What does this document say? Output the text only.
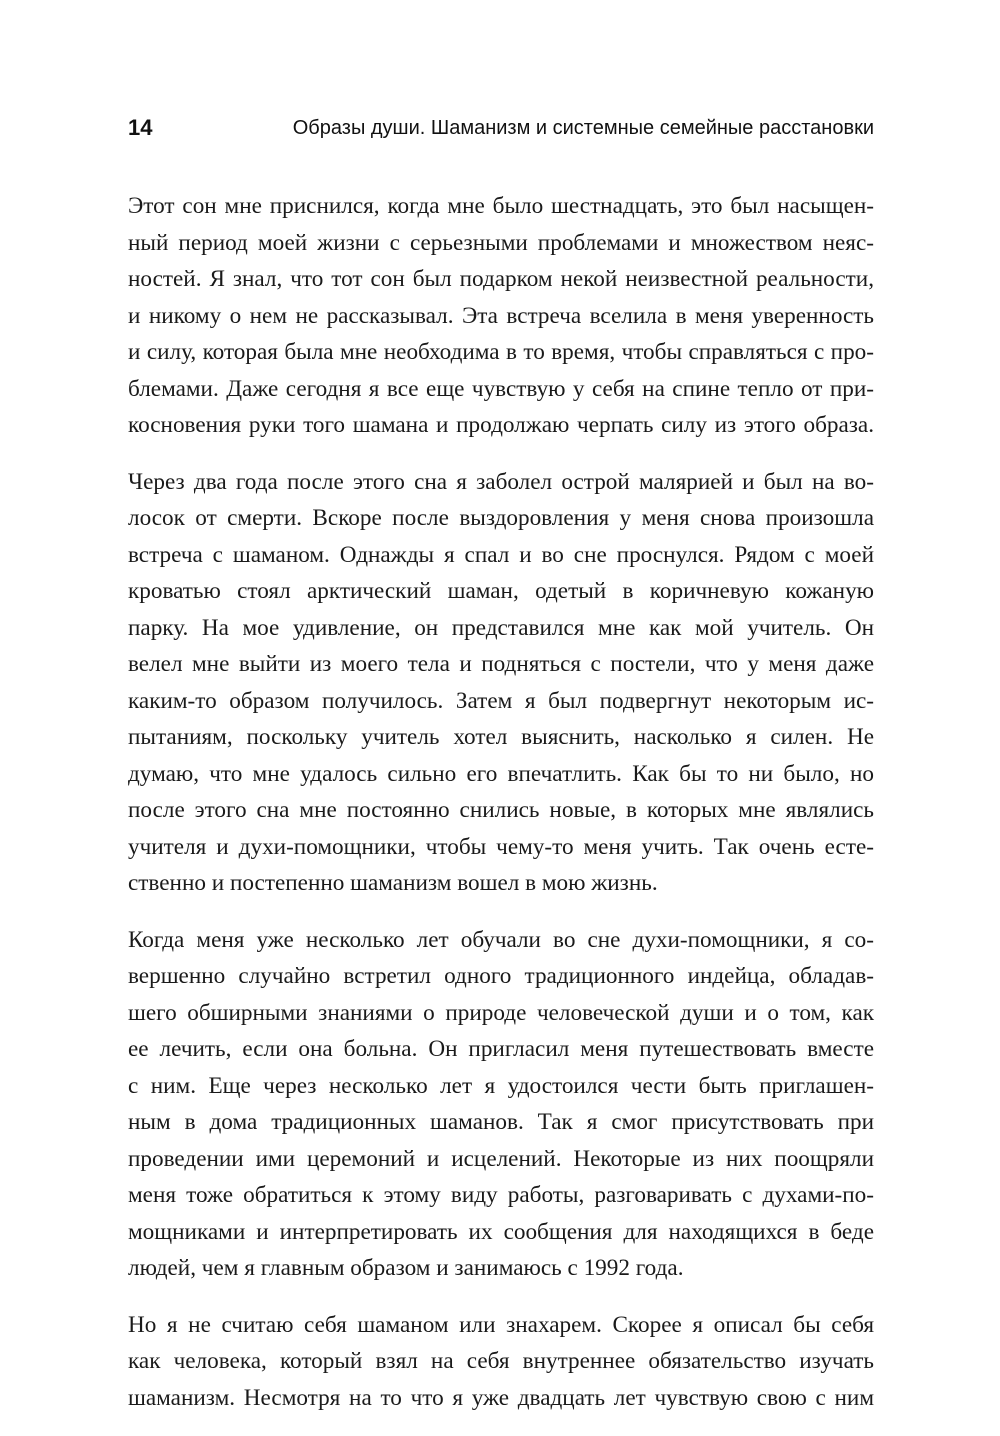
14	Образы души. Шаманизм и системные семейные расстановки

Этот сон мне приснился, когда мне было шестнадцать, это был насыщен-
ный период моей жизни с серьезными проблемами и множеством неяс-
ностей. Я знал, что тот сон был подарком некой неизвестной реальности,
и никому о нем не рассказывал. Эта встреча вселила в меня уверенность
и силу, которая была мне необходима в то время, чтобы справляться с про-
блемами. Даже сегодня я все еще чувствую у себя на спине тепло от при-
косновения руки того шамана и продолжаю черпать силу из этого образа.

Через два года после этого сна я заболел острой малярией и был на во-
лосок от смерти. Вскоре после выздоровления у меня снова произошла
встреча с шаманом. Однажды я спал и во сне проснулся. Рядом с моей
кроватью стоял арктический шаман, одетый в коричневую кожаную
парку. На мое удивление, он представился мне как мой учитель. Он
велел мне выйти из моего тела и подняться с постели, что у меня даже
каким-то образом получилось. Затем я был подвергнут некоторым ис-
пытаниям, поскольку учитель хотел выяснить, насколько я силен. Не
думаю, что мне удалось сильно его впечатлить. Как бы то ни было, но
после этого сна мне постоянно снились новые, в которых мне являлись
учителя и духи-помощники, чтобы чему-то меня учить. Так очень есте-
ственно и постепенно шаманизм вошел в мою жизнь.

Когда меня уже несколько лет обучали во сне духи-помощники, я со-
вершенно случайно встретил одного традиционного индейца, обладав-
шего обширными знаниями о природе человеческой души и о том, как
ее лечить, если она больна. Он пригласил меня путешествовать вместе
с ним. Еще через несколько лет я удостоился чести быть приглашен-
ным в дома традиционных шаманов. Так я смог присутствовать при
проведении ими церемоний и исцелений. Некоторые из них поощряли
меня тоже обратиться к этому виду работы, разговаривать с духами-по-
мощниками и интерпретировать их сообщения для находящихся в беде
людей, чем я главным образом и занимаюсь с 1992 года.

Но я не считаю себя шаманом или знахарем. Скорее я описал бы себя
как человека, который взял на себя внутреннее обязательство изучать
шаманизм. Несмотря на то что я уже двадцать лет чувствую свою с ним
